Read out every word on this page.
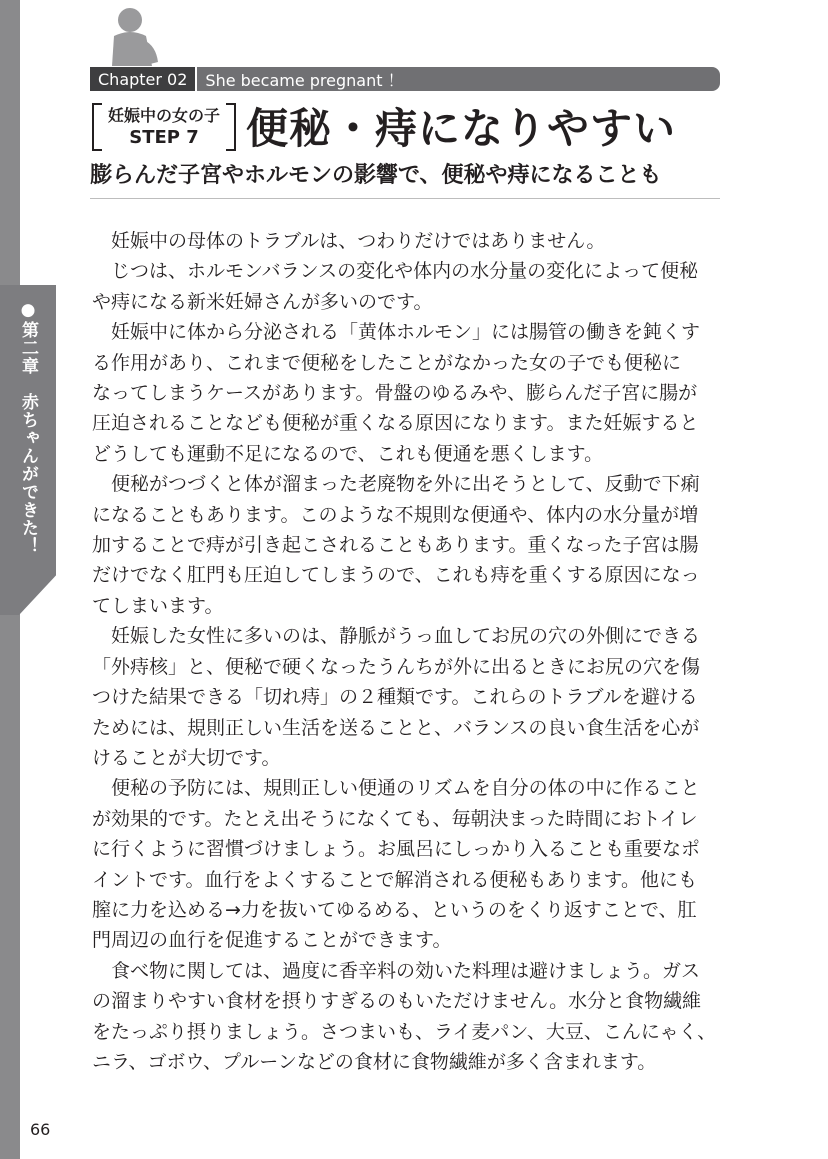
●第二章　赤ちゃんができた！
Chapter 02	She became pregnant ！
妊娠中の女の子
STEP 7	便秘・痔になりやすい
膨らんだ子宮やホルモンの影響で、便秘や痔になることも

　妊娠中の母体のトラブルは、つわりだけではありません。

　じつは、ホルモンバランスの変化や体内の水分量の変化によって便秘

や痔になる新米妊婦さんが多いのです。

　妊娠中に体から分泌される「黄体ホルモン」には腸管の働きを鈍くす

る作用があり、これまで便秘をしたことがなかった女の子でも便秘に

なってしまうケースがあります。骨盤のゆるみや、膨らんだ子宮に腸が

圧迫されることなども便秘が重くなる原因になります。また妊娠すると

どうしても運動不足になるので、これも便通を悪くします。

　便秘がつづくと体が溜まった老廃物を外に出そうとして、反動で下痢

になることもあります。このような不規則な便通や、体内の水分量が増

加することで痔が引き起こされることもあります。重くなった子宮は腸

だけでなく肛門も圧迫してしまうので、これも痔を重くする原因になっ

てしまいます。

　妊娠した女性に多いのは、静脈がうっ血してお尻の穴の外側にできる

「外痔核」と、便秘で硬くなったうんちが外に出るときにお尻の穴を傷

つけた結果できる「切れ痔」の２種類です。これらのトラブルを避ける

ためには、規則正しい生活を送ることと、バランスの良い食生活を心が

けることが大切です。

　便秘の予防には、規則正しい便通のリズムを自分の体の中に作ること

が効果的です。たとえ出そうになくても、毎朝決まった時間におトイレ

に行くように習慣づけましょう。お風呂にしっかり入ることも重要なポ

イントです。血行をよくすることで解消される便秘もあります。他にも

膣に力を込める→力を抜いてゆるめる、というのをくり返すことで、肛

門周辺の血行を促進することができます。

　食べ物に関しては、過度に香辛料の効いた料理は避けましょう。ガス

の溜まりやすい食材を摂りすぎるのもいただけません。水分と食物繊維

をたっぷり摂りましょう。さつまいも、ライ麦パン、大豆、こんにゃく、

ニラ、ゴボウ、プルーンなどの食材に食物繊維が多く含まれます。

66
